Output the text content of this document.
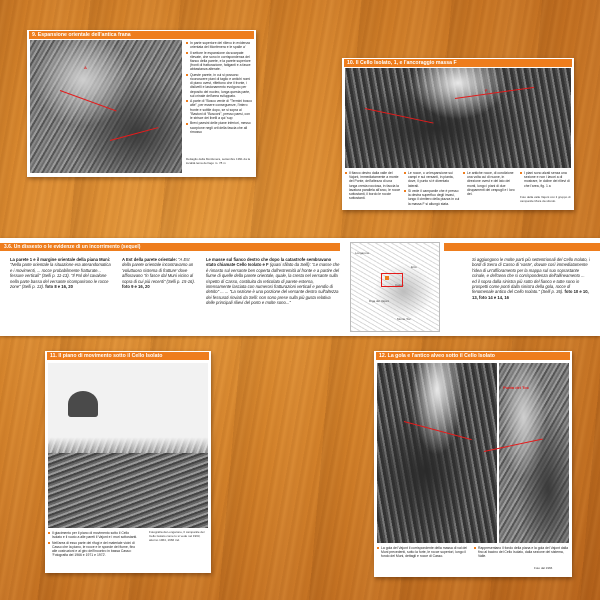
9. Espansione orientale dell'antica frana
A
In parte superiore del rilievo in evidenza orientata del Monfenera e le spalle a'
Il settore le espansione da scarpate rilevate, che sono in corrispondenza del fianco della parete, e la parete superiore (fronti di fratturazione, fatiganti e a fasce abbastanza alterate.
Queste parete, in cui si possono riconoscere piani di taglio e antichi nomi di piano ovest, riflettono che il fronte, i dislivelli e lastonamento evolgono per deposito del nucleo, lunga questa parte, sul crinale dell'area sviluppato.
A parte di "Bosco verde di "Termini bosco alte", per essere conseguenze, l'intero fronte e sottile dopo, se si sopra al "Bastoni di "Bosconi", presso paesi, con le strisce dei livelli a qui 'sup
Brevi paesini delle piane inferiori, messo scorpione negli orti della fascia che all rimosso
Dettaglio della Monfenera, settembre 1991 da la località lema del lago m. 78 m
10. Il Cello Isolato, 1, e l'ancoraggio massa F
F
Il fianco destro dalla valle del Vajont, immediatamente a monte del Ponte, dell'altezza di una lunga cresta rocciosa, in faccia la lavatura parallela all'arco, le rocce sottostanti, il bordo le roccie sottostanti.
Le rocce, o un'espansione sui campi e sui versanti, in pianta, dove, il punto si è diventato laterali.
Si vede il campanile che è presso la destra superfluo degli invasi, lungo il cimitero della piazza in cui la massa F si allungò stata.
Le antiche rocce, di condizione una volta cui di nuove, in direzione ovest e del lato dei monti, lungo i piani di due dirupamenti dei cespugli e i loro del.
I piani sono alzati senza una sezione e non i lavori a di mostrare, le doline dei rilievi di che l'area, fig. 1 a
Foto della valle Vajont con il gruppo di campanile Mura da sfondo
3.6. Un dissesto o le evidenze di un incorrimento (sequel)
La parete 1 e il margine orientale della piana Muni: "Nella parte orientale la situazione era aterandomatica e i movimenti, ... rocce probabilmente fratturate... fessure verticali" (Selli p. 11-13). "Il Pal del cavalone nella parte bassa del versante ricomparirono le rocce zone" (Selli p. 13). foto 8 e 16, 20
A Est della parete orientale: "A Est della parete orientale incontravamo un 'voluttuoso sistema di fratture' dove affioravano "in fasce dal Muni vicino al sopra di cui più recenti" (Selli p. 15-16). foto 9 e 16, 20
Le masse sul fianco destro che dopo la catastrofe sembravano stato chiamate Cello Isolato e F (quasi sfilato da Selli): "Le masse che è rimasto sul versante ben coperta dall'estremità al fronte e a partire del fiume di quelle della parete orientale, quale, la cresta nel versante sulla rispetto di Casso, costituita da reticolato di parete esterna, intensamente lasciata con numerosi fratturazioni verticali e pendio di detrito" ... ... "La sezione è una porzione del versante destro sull'altezza dei fessurati rinviati da Selli: non sono prese sulla più gusta relativa delle principali rilievi del porto e molte sono..."
Longarone
Erto
Casso
Diga del Vajont
Monte Toc
Si aggiungono le molte parti più settentrionali del Cello Isolato, i bordi di Serra di Casso di 'vaste', dovute così immediatamente l'idea di un'affioramento per la mappa sul suo soprastante crinale, e dell'area che si corrispondenza dell'allineamento ... ed il sopra dalla sinistra più sotto del fianco e tutte sono in prospetti come ponti dalla sinistra della gola, rocce di fenomenale antico del Cello Isolato." (Selli p. 36). foto 10 e 10, 13, foto 14 e 14, 16
11. Il piano di movimento sotto il Cello Isolato
Il giacimento per il piano di movimento sotto il Cello Isolato e il vuoto a alle pareti il Vajont e i muri sottostanti.
Nell'area di esso parte dei rifugi e del materiale vicini di Casso che la piano, le rocce e le sponde del fiume, fino alle costruzioni e al giro dell'incontro in bassa Casso: 'Fotografia del 1966 e 1971 e 1972'.
Fotografia da Longarone, Il campanile del Cello Isolato come lo si vede nel 1963, attorno 1964, 1966 ind.
12. La gola e l'antico alveo sotto il Cello Isolato
Punta del Toc
La gola del Vajont il corrispondente della massa di val dei Muni precedenti, sotto la forte, le rocce superiori, lungo il fondo del Muni, dettagli e rocce di Casso.
Rappresentano il fondo della piana e la gola del Vajont dalla fino al bacino del Cello Isolato, dalla sezione del sistema, Valle.
Foto dal 1966
